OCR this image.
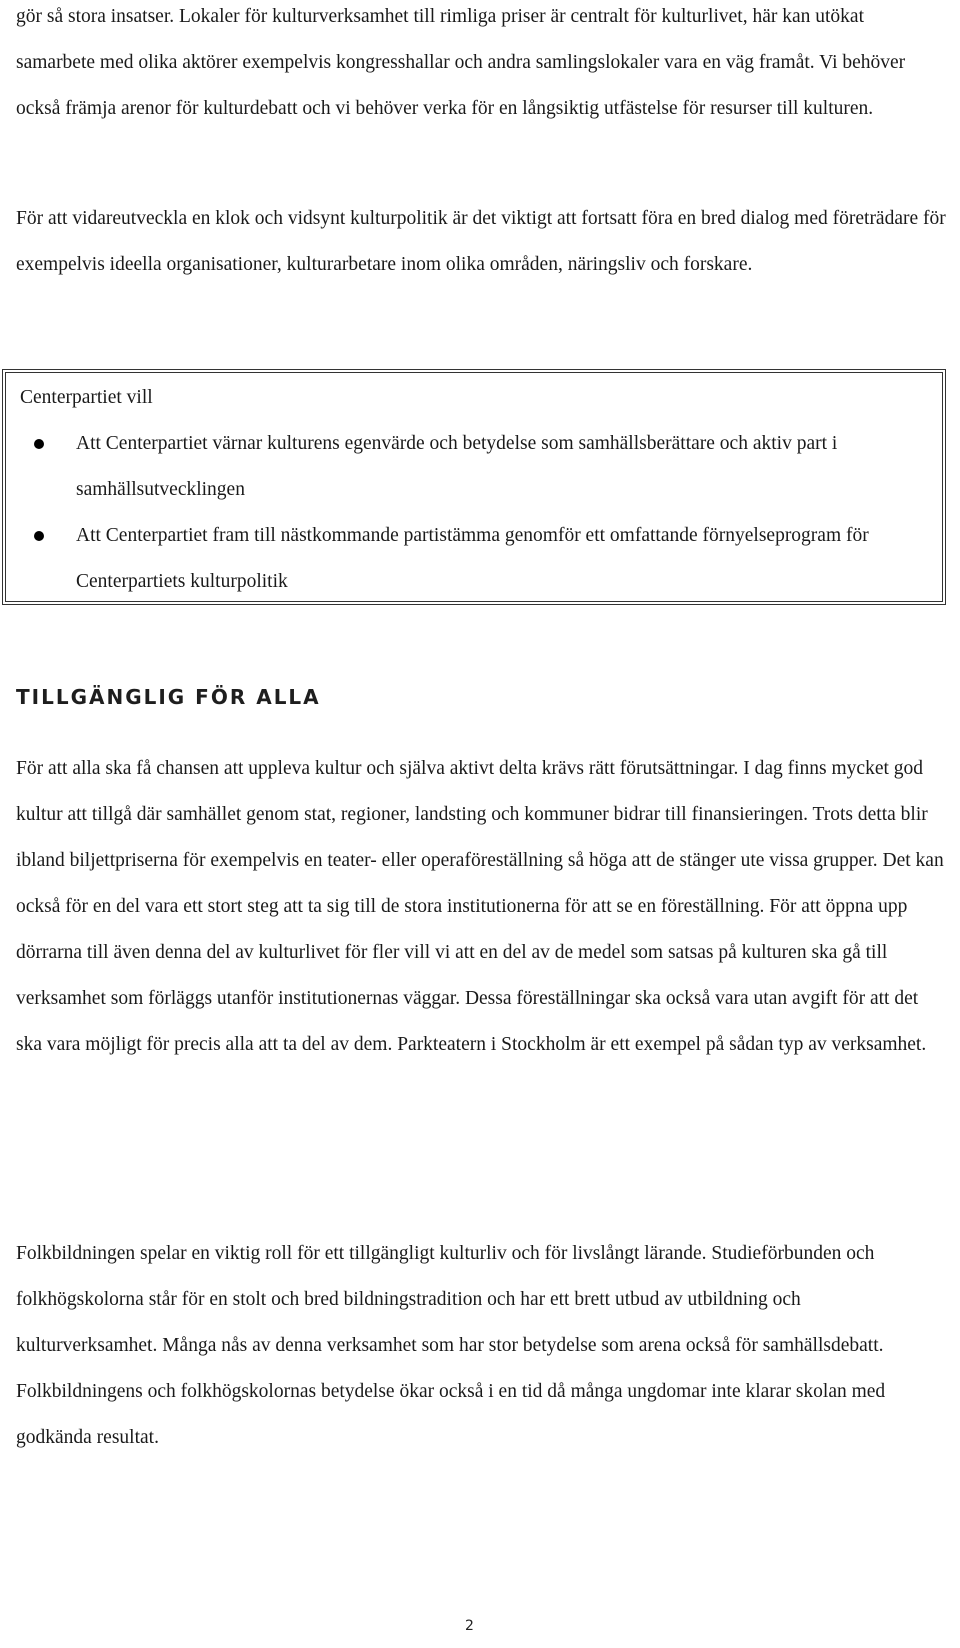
gör så stora insatser. Lokaler för kulturverksamhet till rimliga priser är centralt för kulturlivet, här kan utökat samarbete med olika aktörer exempelvis kongresshallar och andra samlingslokaler vara en väg framåt. Vi behöver också främja arenor för kulturdebatt och vi behöver verka för en långsiktig utfästelse för resurser till kulturen.

För att vidareutveckla en klok och vidsynt kulturpolitik är det viktigt att fortsatt föra en bred dialog med företrädare för exempelvis ideella organisationer, kulturarbetare inom olika områden, näringsliv och forskare.

Centerpartiet vill

Att Centerpartiet värnar kulturens egenvärde och betydelse som samhällsberättare och aktiv part i samhällsutvecklingen
Att Centerpartiet fram till nästkommande partistämma genomför ett omfattande förnyelseprogram för Centerpartiets kulturpolitik
TILLGÄNGLIG FÖR ALLA

För att alla ska få chansen att uppleva kultur och själva aktivt delta krävs rätt förutsättningar. I dag finns mycket god kultur att tillgå där samhället genom stat, regioner, landsting och kommuner bidrar till finansieringen. Trots detta blir ibland biljettpriserna för exempelvis en teater- eller operaföreställning så höga att de stänger ute vissa grupper. Det kan också för en del vara ett stort steg att ta sig till de stora institutionerna för att se en föreställning. För att öppna upp dörrarna till även denna del av kulturlivet för fler vill vi att en del av de medel som satsas på kulturen ska gå till verksamhet som förläggs utanför institutionernas väggar. Dessa föreställningar ska också vara utan avgift för att det ska vara möjligt för precis alla att ta del av dem. Parkteatern i Stockholm är ett exempel på sådan typ av verksamhet.

Folkbildningen spelar en viktig roll för ett tillgängligt kulturliv och för livslångt lärande. Studieförbunden och folkhögskolorna står för en stolt och bred bildningstradition och har ett brett utbud av utbildning och kulturverksamhet. Många nås av denna verksamhet som har stor betydelse som arena också för samhällsdebatt. Folkbildningens och folkhögskolornas betydelse ökar också i en tid då många ungdomar inte klarar skolan med godkända resultat.

2
